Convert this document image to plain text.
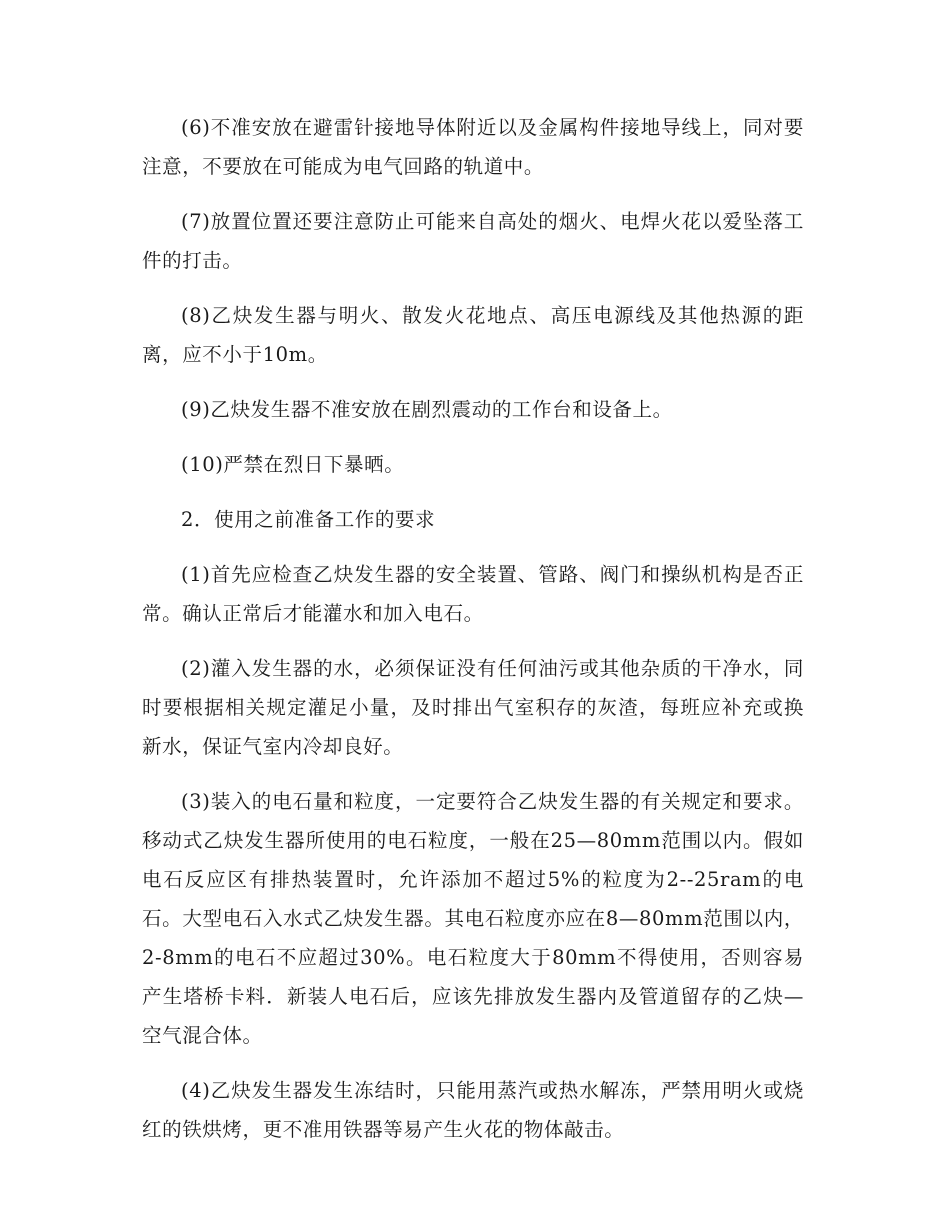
(6)不准安放在避雷针接地导体附近以及金属构件接地导线上，同对要注意，不要放在可能成为电气回路的轨道中。

(7)放置位置还要注意防止可能来自高处的烟火、电焊火花以爱坠落工件的打击。

(8)乙炔发生器与明火、散发火花地点、高压电源线及其他热源的距离，应不小于10m。

(9)乙炔发生器不准安放在剧烈震动的工作台和设备上。

(10)严禁在烈日下暴晒。

2．使用之前准备工作的要求

(1)首先应检查乙炔发生器的安全装置、管路、阀门和操纵机构是否正常。确认正常后才能灌水和加入电石。

(2)灌入发生器的水，必须保证没有任何油污或其他杂质的干净水，同时要根据相关规定灌足小量，及时排出气室积存的灰渣，每班应补充或换新水，保证气室内冷却良好。

(3)装入的电石量和粒度，一定要符合乙炔发生器的有关规定和要求。移动式乙炔发生器所使用的电石粒度，一般在25—80mm范围以内。假如电石反应区有排热装置时，允许添加不超过5%的粒度为2--25ram的电石。大型电石入水式乙炔发生器。其电石粒度亦应在8—80mm范围以内，2-8mm的电石不应超过30%。电石粒度大于80mm不得使用，否则容易产生塔桥卡料．新装人电石后，应该先排放发生器内及管道留存的乙炔—空气混合体。

(4)乙炔发生器发生冻结时，只能用蒸汽或热水解冻，严禁用明火或烧红的铁烘烤，更不准用铁器等易产生火花的物体敲击。
